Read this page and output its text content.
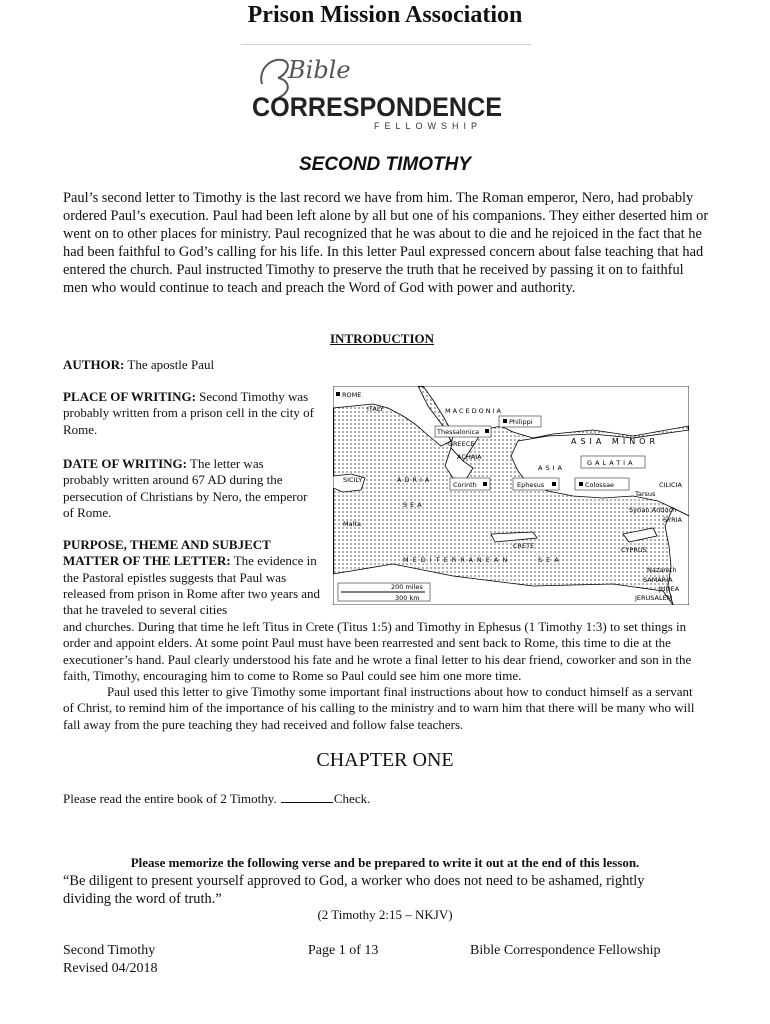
Prison Mission Association
Bible
CORRESPONDENCE
FELLOWSHIP
SECOND TIMOTHY
Paul’s second letter to Timothy is the last record we have from him. The Roman emperor, Nero, had probably ordered Paul’s execution. Paul had been left alone by all but one of his companions. They either deserted him or went on to other places for ministry. Paul recognized that he was about to die and he rejoiced in the fact that he had been faithful to God’s calling for his life. In this letter Paul expressed concern about false teaching that had entered the church. Paul instructed Timothy to preserve the truth that he received by passing it on to faithful men who would continue to teach and preach the Word of God with power and authority.
INTRODUCTION
AUTHOR: The apostle Paul
PLACE OF WRITING: Second Timothy was probably written from a prison cell in the city of Rome.
DATE OF WRITING: The letter was probably written around 67 AD during the persecution of Christians by Nero, the emperor of Rome.
PURPOSE, THEME AND SUBJECT MATTER OF THE LETTER: The evidence in the Pastoral epistles suggests that Paul was released from prison in Rome after two years and that he traveled to several cities
and churches. During that time he left Titus in Crete (Titus 1:5) and Timothy in Ephesus (1 Timothy 1:3) to set things in order and appoint elders. At some point Paul must have been rearrested and sent back to Rome, this time to die at the executioner’s hand. Paul clearly understood his fate and he wrote a final letter to his dear friend, coworker and son in the faith, Timothy, encouraging him to come to Rome so Paul could see him one more time.
Paul used this letter to give Timothy some important final instructions about how to conduct himself as a servant of Christ, to remind him of the importance of his calling to the ministry and to warn him that there will be many who will fall away from the pure teaching they had received and follow false teachers.
ROME
ITALY	MACEDONIA
Philippi
Thessalonica
GREECE
ACHAIA
ASIA MINOR
ASIA
GALATIA
SICILY	ADRIA
Corinth	Ephesus	Colossae	CILICIA
Tarsus
Syrian Antioch
SYRIA
SEA
Malta
CRETE
MEDITERRANEAN	SEA
CYPRUS
Nazareth
SAMARIA
JUDEA
JERUSALEM
200 miles
300 km
CHAPTER ONE
Please read the entire book of 2 Timothy.	Check.
Please memorize the following verse and be prepared to write it out at the end of this lesson.
“Be diligent to present yourself approved to God, a worker who does not need to be ashamed, rightly dividing the word of truth.”
(2 Timothy 2:15 – NKJV)
Second Timothy
Revised 04/2018
Page 1 of 13	Bible Correspondence Fellowship
